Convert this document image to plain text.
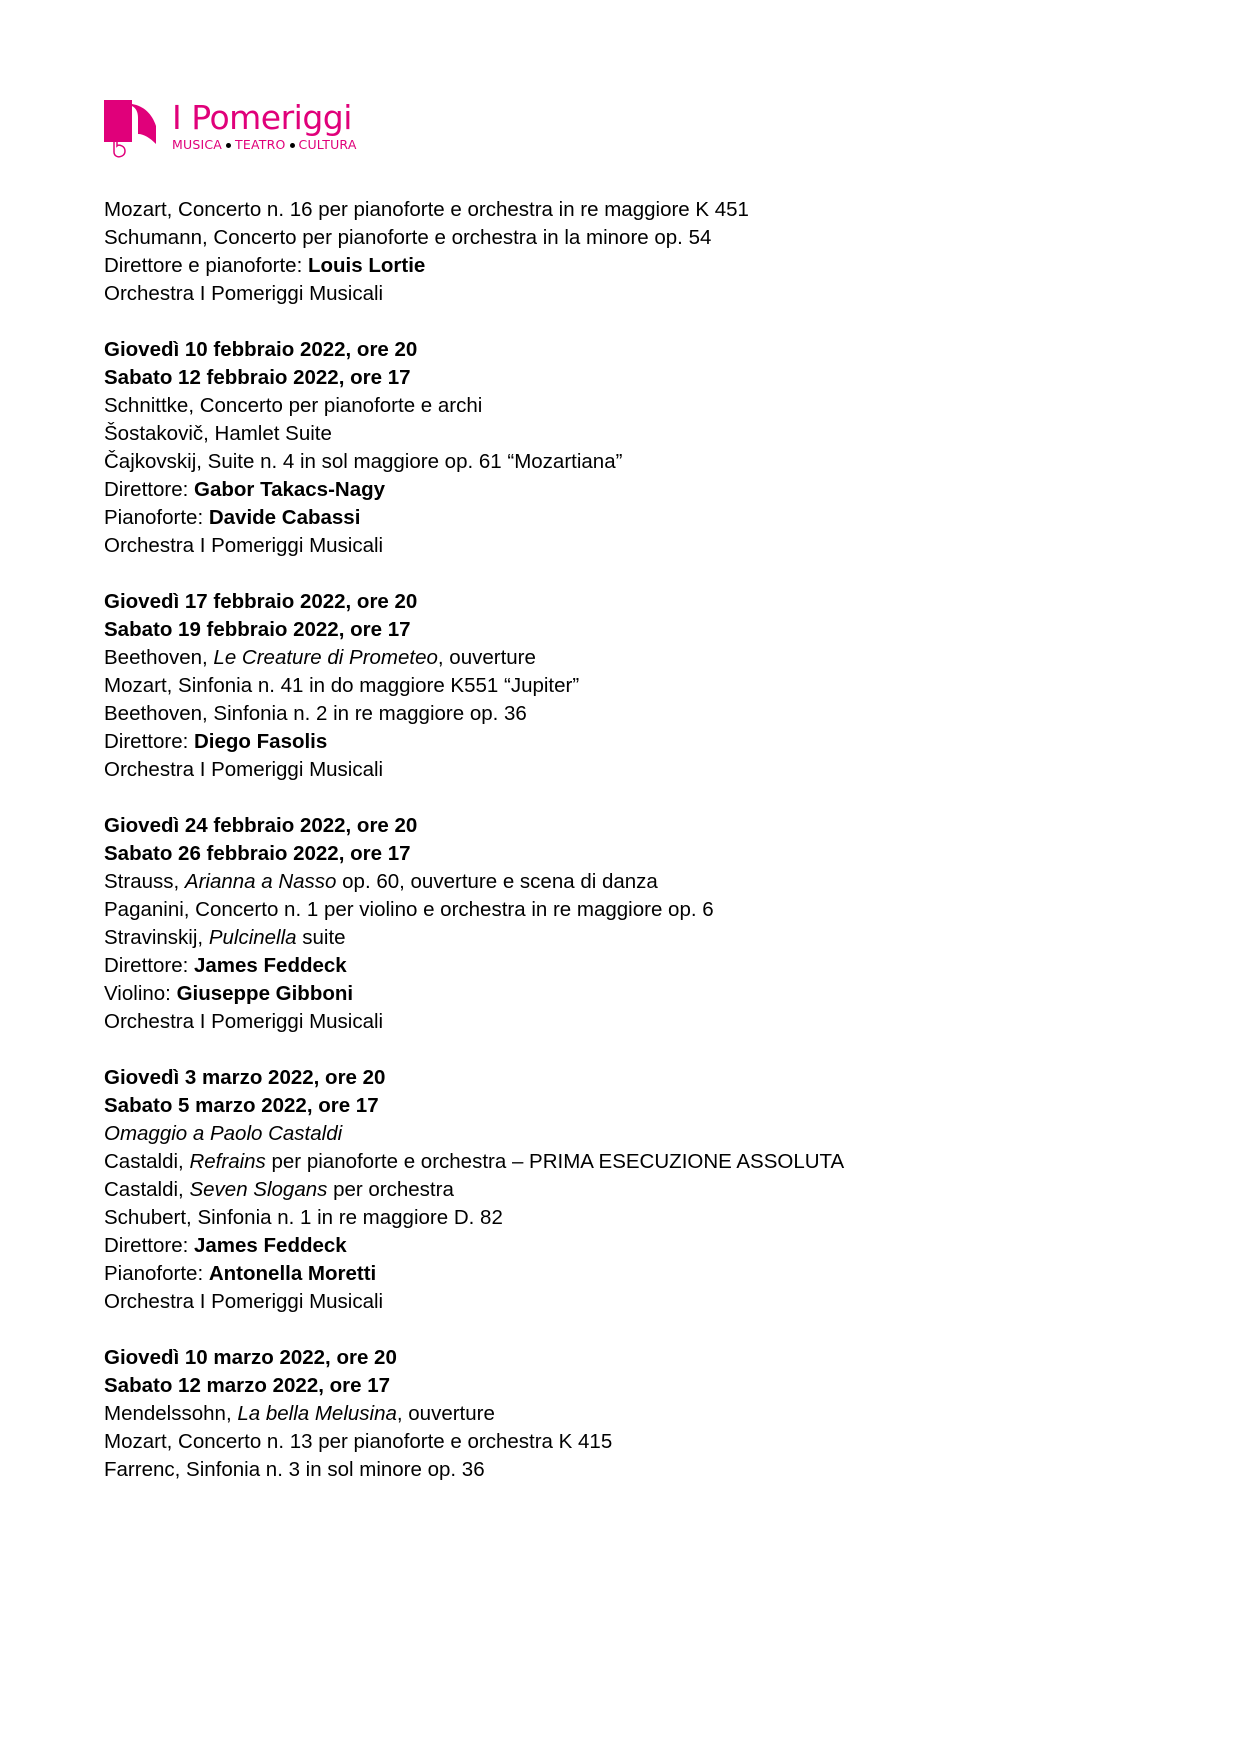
I Pomeriggi
MUSICA TEATRO CULTURA
Mozart, Concerto n. 16 per pianoforte e orchestra in re maggiore K 451
Schumann, Concerto per pianoforte e orchestra in la minore op. 54
Direttore e pianoforte: Louis Lortie
Orchestra I Pomeriggi Musicali
Giovedì 10 febbraio 2022, ore 20
Sabato 12 febbraio 2022, ore 17
Schnittke, Concerto per pianoforte e archi
Šostakovič, Hamlet Suite
Čajkovskij, Suite n. 4 in sol maggiore op. 61 “Mozartiana”
Direttore: Gabor Takacs-Nagy
Pianoforte: Davide Cabassi
Orchestra I Pomeriggi Musicali
Giovedì 17 febbraio 2022, ore 20
Sabato 19 febbraio 2022, ore 17
Beethoven, Le Creature di Prometeo, ouverture
Mozart, Sinfonia n. 41 in do maggiore K551 “Jupiter”
Beethoven, Sinfonia n. 2 in re maggiore op. 36
Direttore: Diego Fasolis
Orchestra I Pomeriggi Musicali
Giovedì 24 febbraio 2022, ore 20
Sabato 26 febbraio 2022, ore 17
Strauss, Arianna a Nasso op. 60, ouverture e scena di danza
Paganini, Concerto n. 1 per violino e orchestra in re maggiore op. 6
Stravinskij, Pulcinella suite
Direttore: James Feddeck
Violino: Giuseppe Gibboni
Orchestra I Pomeriggi Musicali
Giovedì 3 marzo 2022, ore 20
Sabato 5 marzo 2022, ore 17
Omaggio a Paolo Castaldi
Castaldi, Refrains per pianoforte e orchestra – PRIMA ESECUZIONE ASSOLUTA
Castaldi, Seven Slogans per orchestra
Schubert, Sinfonia n. 1 in re maggiore D. 82
Direttore: James Feddeck
Pianoforte: Antonella Moretti
Orchestra I Pomeriggi Musicali
Giovedì 10 marzo 2022, ore 20
Sabato 12 marzo 2022, ore 17
Mendelssohn, La bella Melusina, ouverture
Mozart, Concerto n. 13 per pianoforte e orchestra K 415
Farrenc, Sinfonia n. 3 in sol minore op. 36
